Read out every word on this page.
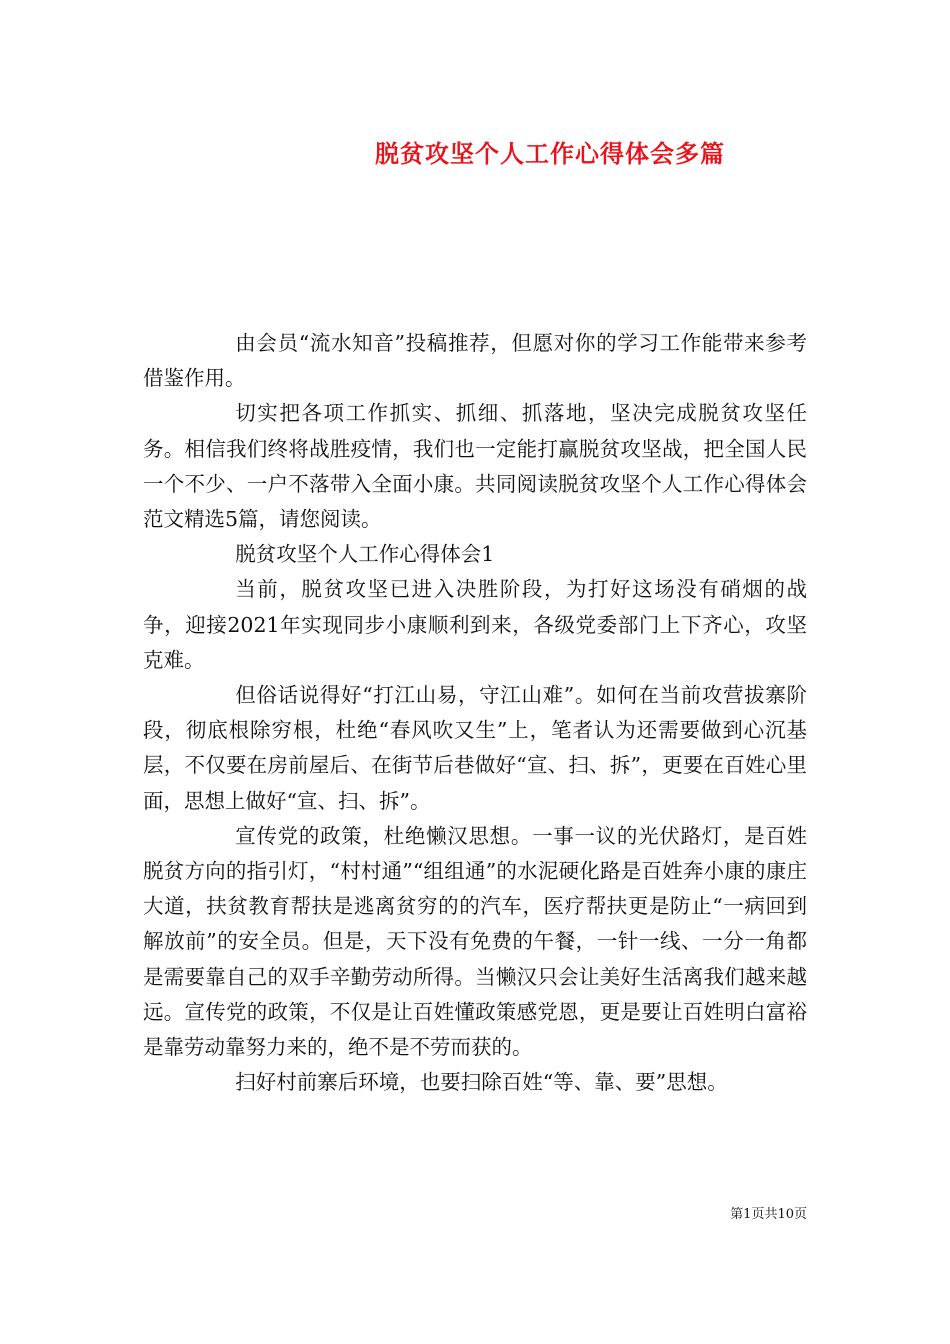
脱贫攻坚个人工作心得体会多篇

由会员“流水知音”投稿推荐，但愿对你的学习工作能带来参考借鉴作用。

切实把各项工作抓实、抓细、抓落地，坚决完成脱贫攻坚任务。相信我们终将战胜疫情，我们也一定能打赢脱贫攻坚战，把全国人民一个不少、一户不落带入全面小康。共同阅读脱贫攻坚个人工作心得体会范文精选5篇，请您阅读。

脱贫攻坚个人工作心得体会1

当前，脱贫攻坚已进入决胜阶段，为打好这场没有硝烟的战争，迎接2021年实现同步小康顺利到来，各级党委部门上下齐心，攻坚克难。

但俗话说得好“打江山易，守江山难”。如何在当前攻营拔寨阶段，彻底根除穷根，杜绝“春风吹又生”上，笔者认为还需要做到心沉基层，不仅要在房前屋后、在街节后巷做好“宣、扫、拆”，更要在百姓心里面，思想上做好“宣、扫、拆”。

宣传党的政策，杜绝懒汉思想。一事一议的光伏路灯，是百姓脱贫方向的指引灯，“村村通”“组组通”的水泥硬化路是百姓奔小康的康庄大道，扶贫教育帮扶是逃离贫穷的的汽车，医疗帮扶更是防止“一病回到解放前”的安全员。但是，天下没有免费的午餐，一针一线、一分一角都是需要靠自己的双手辛勤劳动所得。当懒汉只会让美好生活离我们越来越远。宣传党的政策，不仅是让百姓懂政策感党恩，更是要让百姓明白富裕是靠劳动靠努力来的，绝不是不劳而获的。

扫好村前寨后环境，也要扫除百姓“等、靠、要”思想。

第1页共10页
